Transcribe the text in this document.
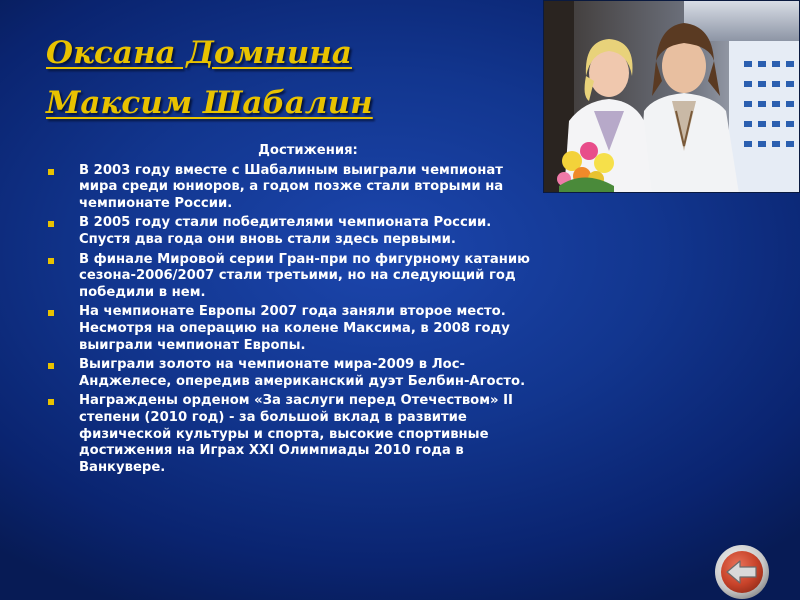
Оксана Домнина
Максим Шабалин
Достижения:
В 2003 году вместе с Шабалиным выиграли чемпионат мира среди юниоров, а годом позже стали вторыми на чемпионате России.
В 2005 году стали победителями чемпионата России. Спустя два года они вновь стали здесь первыми.
В финале Мировой серии Гран-при по фигурному катанию сезона-2006/2007 стали третьими, но на следующий год победили в нем.
На чемпионате Европы 2007 года заняли второе место. Несмотря на операцию на колене Максима, в 2008 году выиграли чемпионат Европы.
Выиграли золото на чемпионате мира-2009 в Лос-Анджелесе, опередив американский дуэт Белбин-Агосто.
Награждены орденом «За заслуги перед Отечеством» II степени (2010 год) - за большой вклад в развитие физической культуры и спорта, высокие спортивные достижения на Играх XXI Олимпиады 2010 года в Ванкувере.
